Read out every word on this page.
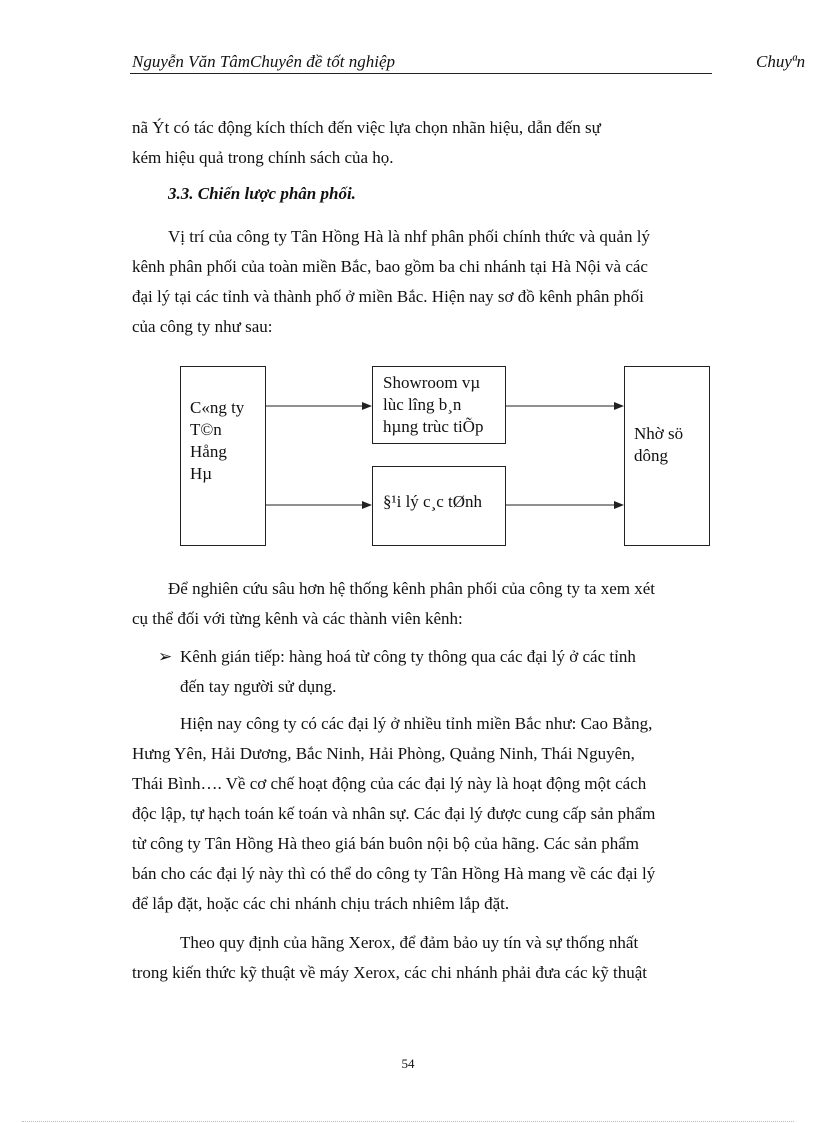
Nguyễn Văn TâmChuyên đề tốt nghiệp	Chuyªn

nã Ýt có tác động kích thích đến việc lựa chọn nhãn hiệu, dẫn đến sự

kém hiệu quả trong chính sách của họ.

3.3. Chiến lược phân phối.

Vị trí của công ty Tân Hồng Hà là nhf phân phối chính thức và quản lý

kênh phân phối của toàn miền Bắc, bao gồm ba chi nhánh tại Hà Nội và các

đại lý tại các tỉnh và thành phố ở miền Bắc. Hiện nay sơ đồ kênh phân phối

của công ty như sau:

C«ng ty
T©n
Hång
Hµ
Showroom vµ
lùc lîng b¸n
hµng trùc tiÕp
§¹i lý c¸c tØnh
Nhờ sö
dông

Để nghiên cứu sâu hơn hệ thống kênh phân phối của công ty ta xem xét

cụ thể đối với từng kênh và các thành viên kênh:

➢ Kênh gián tiếp: hàng hoá từ công ty thông qua các đại lý ở các tỉnh

đến tay người sử dụng.

Hiện nay công ty có các đại lý ở nhiều tỉnh miền Bắc như: Cao Bằng,

Hưng Yên, Hải Dương, Bắc Ninh, Hải Phòng, Quảng Ninh, Thái Nguyên,

Thái Bình…. Về cơ chế hoạt động của các đại lý này là hoạt động một cách

độc lập, tự hạch toán kế toán và nhân sự. Các đại lý được cung cấp sản phẩm

từ công ty Tân Hồng Hà theo giá bán buôn nội bộ của hãng. Các sản phẩm

bán cho các đại lý này thì có thể do công ty Tân Hồng Hà mang về các đại lý

để lắp đặt, hoặc các chi nhánh chịu trách nhiêm lắp đặt.

Theo quy định của hãng Xerox, để đảm bảo uy tín và sự thống nhất

trong kiến thức kỹ thuật về máy Xerox, các chi nhánh phải đưa các kỹ thuật

54
